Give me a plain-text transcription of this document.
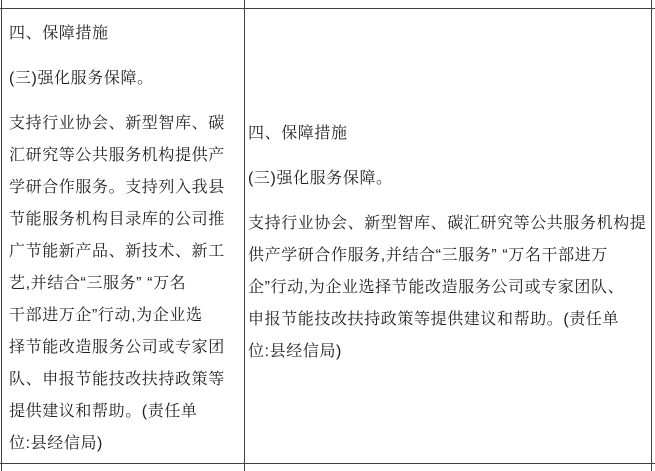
四、保障措施
(三)强化服务保障。
支持行业协会、新型智库、碳
汇研究等公共服务机构提供产
学研合作服务。支持列入我县
节能服务机构目录库的公司推
广节能新产品、新技术、新工
艺,并结合“三服务” “万名
干部进万企”行动,为企业选
择节能改造服务公司或专家团
队、申报节能技改扶持政策等
提供建议和帮助。(责任单
位:县经信局)
四、保障措施
(三)强化服务保障。
支持行业协会、新型智库、碳汇研究等公共服务机构提
供产学研合作服务,并结合“三服务” “万名干部进万
企”行动,为企业选择节能改造服务公司或专家团队、
申报节能技改扶持政策等提供建议和帮助。(责任单
位:县经信局)
